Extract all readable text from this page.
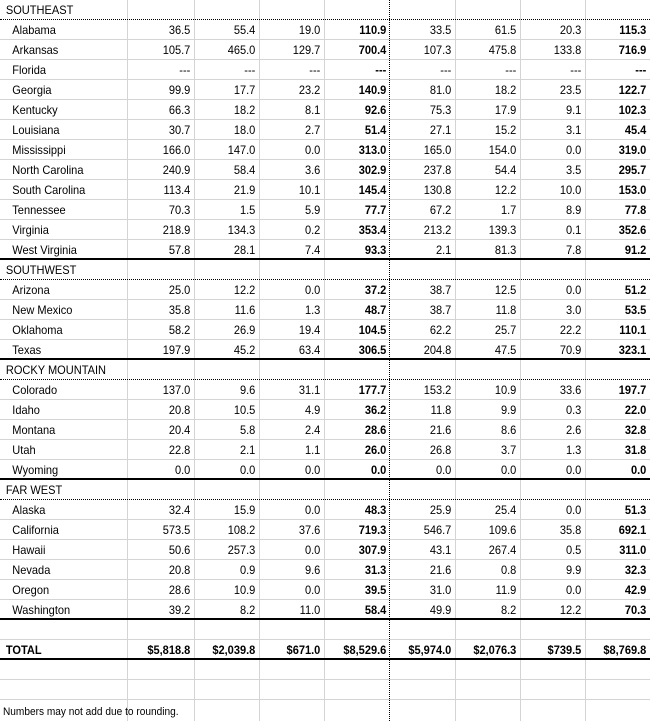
SOUTHEAST
Alabama	36.5	55.4	19.0	110.9	33.5	61.5	20.3	115.3
Arkansas	105.7	465.0	129.7	700.4	107.3	475.8	133.8	716.9
Florida	---	---	---	---	---	---	---	---
Georgia	99.9	17.7	23.2	140.9	81.0	18.2	23.5	122.7
Kentucky	66.3	18.2	8.1	92.6	75.3	17.9	9.1	102.3
Louisiana	30.7	18.0	2.7	51.4	27.1	15.2	3.1	45.4
Mississippi	166.0	147.0	0.0	313.0	165.0	154.0	0.0	319.0
North Carolina	240.9	58.4	3.6	302.9	237.8	54.4	3.5	295.7
South Carolina	113.4	21.9	10.1	145.4	130.8	12.2	10.0	153.0
Tennessee	70.3	1.5	5.9	77.7	67.2	1.7	8.9	77.8
Virginia	218.9	134.3	0.2	353.4	213.2	139.3	0.1	352.6
West Virginia	57.8	28.1	7.4	93.3	2.1	81.3	7.8	91.2
SOUTHWEST
Arizona	25.0	12.2	0.0	37.2	38.7	12.5	0.0	51.2
New Mexico	35.8	11.6	1.3	48.7	38.7	11.8	3.0	53.5
Oklahoma	58.2	26.9	19.4	104.5	62.2	25.7	22.2	110.1
Texas	197.9	45.2	63.4	306.5	204.8	47.5	70.9	323.1
ROCKY MOUNTAIN
Colorado	137.0	9.6	31.1	177.7	153.2	10.9	33.6	197.7
Idaho	20.8	10.5	4.9	36.2	11.8	9.9	0.3	22.0
Montana	20.4	5.8	2.4	28.6	21.6	8.6	2.6	32.8
Utah	22.8	2.1	1.1	26.0	26.8	3.7	1.3	31.8
Wyoming	0.0	0.0	0.0	0.0	0.0	0.0	0.0	0.0
FAR WEST
Alaska	32.4	15.9	0.0	48.3	25.9	25.4	0.0	51.3
California	573.5	108.2	37.6	719.3	546.7	109.6	35.8	692.1
Hawaii	50.6	257.3	0.0	307.9	43.1	267.4	0.5	311.0
Nevada	20.8	0.9	9.6	31.3	21.6	0.8	9.9	32.3
Oregon	28.6	10.9	0.0	39.5	31.0	11.9	0.0	42.9
Washington	39.2	8.2	11.0	58.4	49.9	8.2	12.2	70.3
TOTAL	$5,818.8	$2,039.8	$671.0	$8,529.6	$5,974.0	$2,076.3	$739.5	$8,769.8
Numbers may not add due to rounding.
